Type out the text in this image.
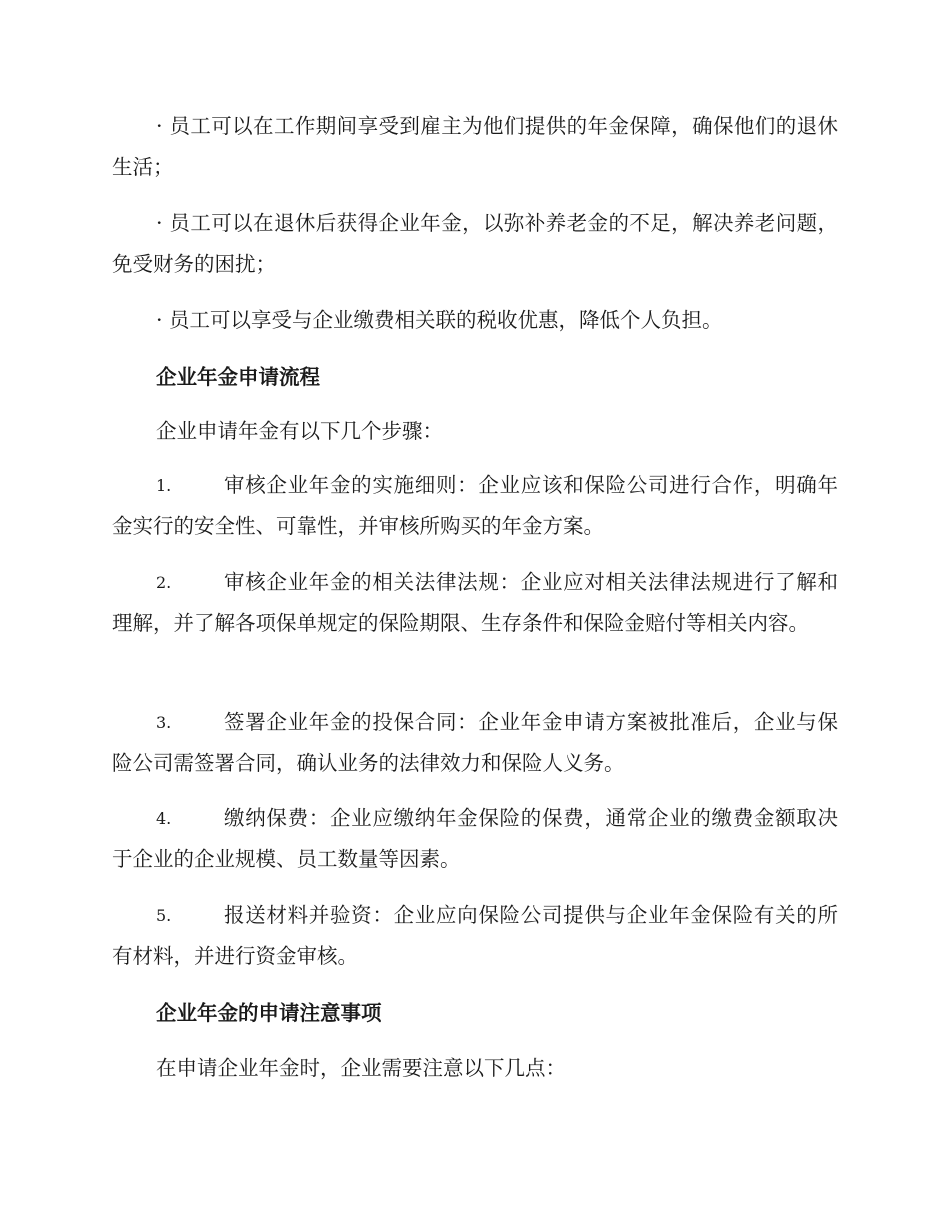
· 员工可以在工作期间享受到雇主为他们提供的年金保障，确保他们的退休生活；

· 员工可以在退休后获得企业年金，以弥补养老金的不足，解决养老问题，免受财务的困扰；

· 员工可以享受与企业缴费相关联的税收优惠，降低个人负担。

企业年金申请流程

企业申请年金有以下几个步骤：

1.	审核企业年金的实施细则：企业应该和保险公司进行合作，明确年金实行的安全性、可靠性，并审核所购买的年金方案。
2.	审核企业年金的相关法律法规：企业应对相关法律法规进行了解和理解，并了解各项保单规定的保险期限、生存条件和保险金赔付等相关内容。
3.	签署企业年金的投保合同：企业年金申请方案被批准后，企业与保险公司需签署合同，确认业务的法律效力和保险人义务。
4.	缴纳保费：企业应缴纳年金保险的保费，通常企业的缴费金额取决于企业的企业规模、员工数量等因素。
5.	报送材料并验资：企业应向保险公司提供与企业年金保险有关的所有材料，并进行资金审核。
企业年金的申请注意事项

在申请企业年金时，企业需要注意以下几点：
